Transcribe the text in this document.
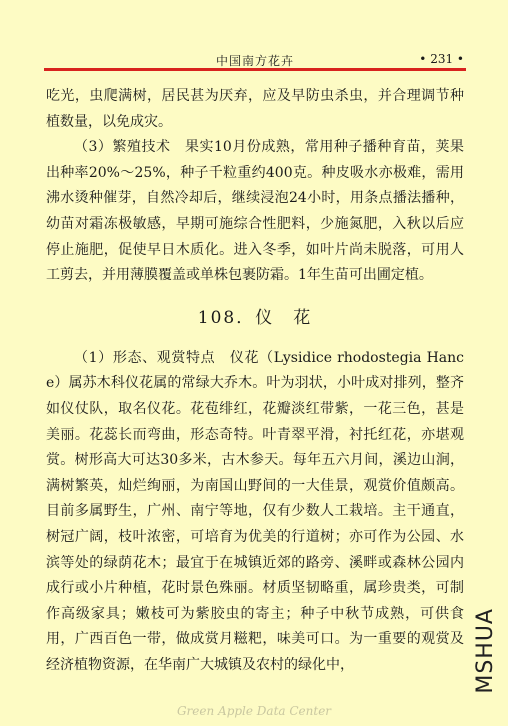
中国南方花卉	• 231 •

吃光，虫爬满树，居民甚为厌弃，应及早防虫杀虫，并合理调节种植数量，以免成灾。

（3）繁殖技术　果实10月份成熟，常用种子播种育苗，荚果出种率20%～25%，种子千粒重约400克。种皮吸水亦极难，需用沸水烫种催芽，自然冷却后，继续浸泡24小时，用条点播法播种，幼苗对霜冻极敏感，早期可施综合性肥料，少施氮肥，入秋以后应停止施肥，促使早日木质化。进入冬季，如叶片尚未脱落，可用人工剪去，并用薄膜覆盖或单株包裹防霜。1年生苗可出圃定植。

108．仪　花

（1）形态、观赏特点　仪花（Lysidice rhodostegia Hance）属苏木科仪花属的常绿大乔木。叶为羽状，小叶成对排列，整齐如仪仗队，取名仪花。花苞绯红，花瓣淡红带紫，一花三色，甚是美丽。花蕊长而弯曲，形态奇特。叶青翠平滑，衬托红花，亦堪观赏。树形高大可达30多米，古木参天。每年五六月间，溪边山涧，满树繁英，灿烂绚丽，为南国山野间的一大佳景，观赏价值颇高。目前多属野生，广州、南宁等地，仅有少数人工栽培。主干通直，树冠广阔，枝叶浓密，可培育为优美的行道树；亦可作为公园、水滨等处的绿荫花木；最宜于在城镇近郊的路旁、溪畔或森林公园内成行或小片种植，花时景色殊丽。材质坚韧略重，属珍贵类，可制作高级家具；嫩枝可为紫胶虫的寄主；种子中秋节成熟，可供食用，广西百色一带，做成赏月糍粑，味美可口。为一重要的观赏及经济植物资源，在华南广大城镇及农村的绿化中，	MSHUA
Green Apple Data Center
